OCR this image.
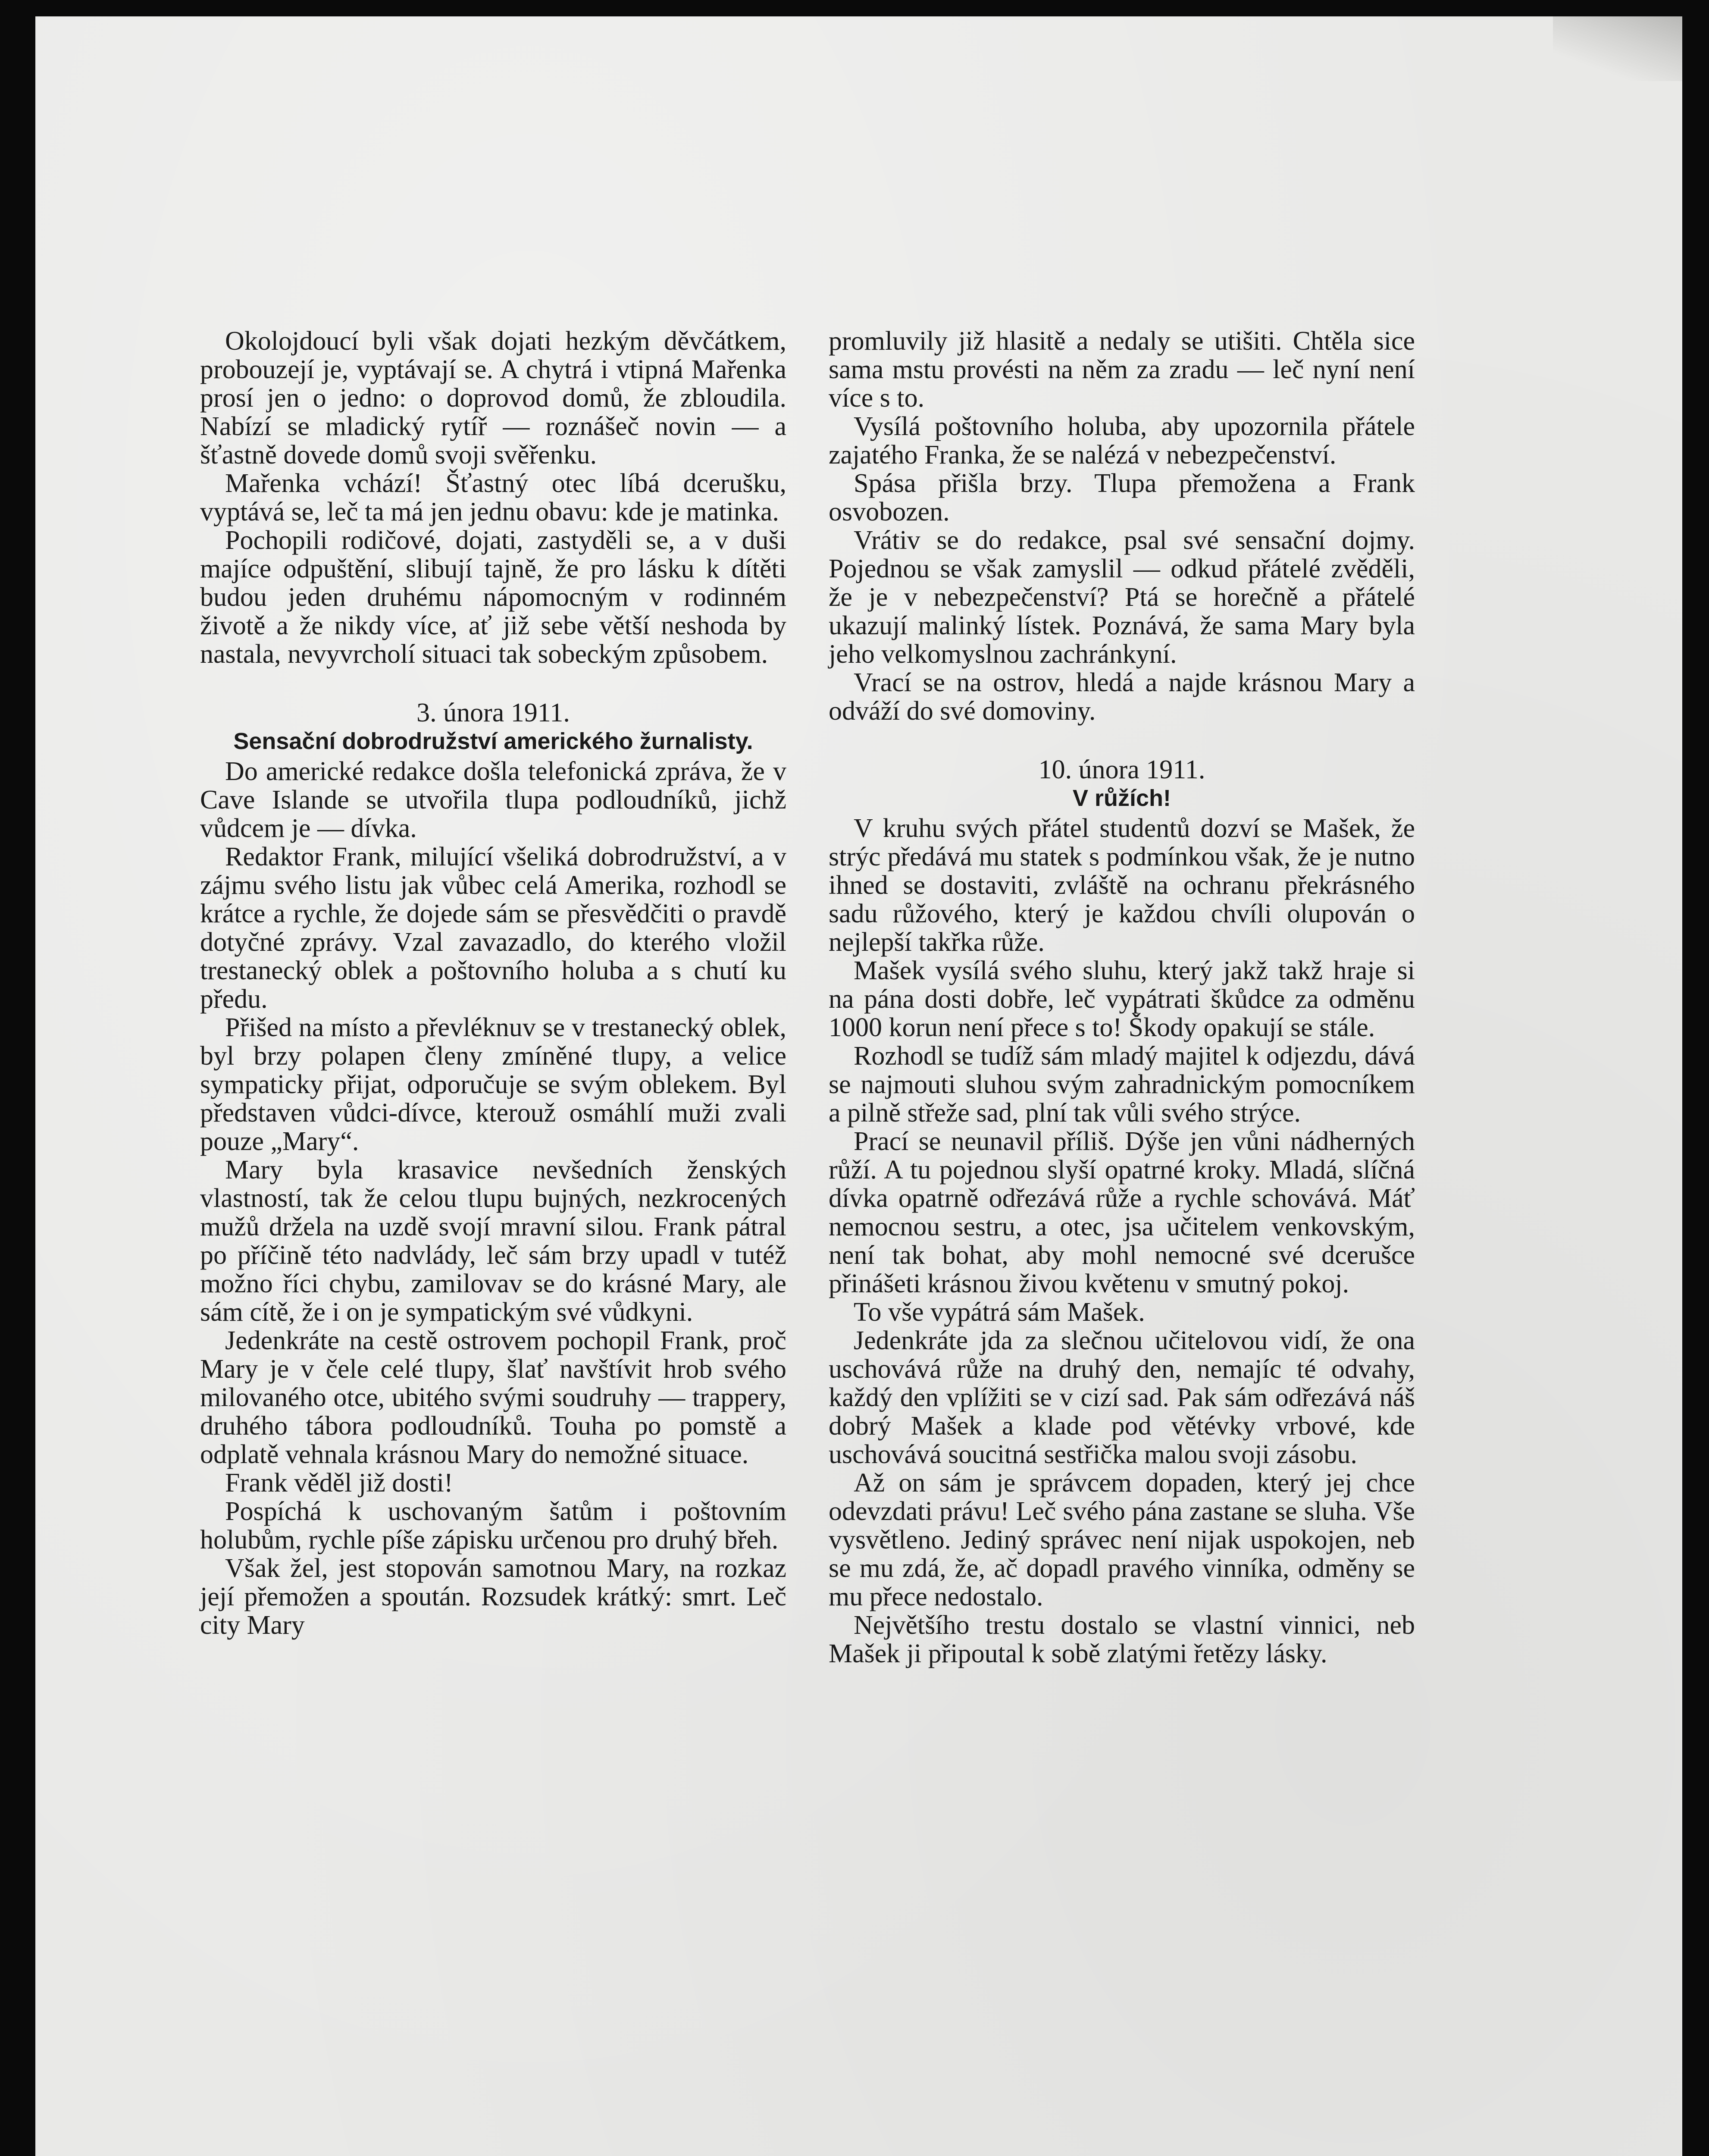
Okolojdoucí byli však dojati hezkým děvčátkem, probouzejí je, vyptávají se. A chytrá i vtipná Mařenka prosí jen o jedno: o doprovod domů, že zbloudila. Nabízí se mladický rytíř — roznášeč novin — a šťastně dovede domů svoji svěřenku.

Mařenka vchází! Šťastný otec líbá dcerušku, vyptává se, leč ta má jen jednu obavu: kde je matinka.

Pochopili rodičové, dojati, zastyděli se, a v duši majíce odpuštění, slibují tajně, že pro lásku k dítěti budou jeden druhému nápomocným v rodinném životě a že nikdy více, ať již sebe větší neshoda by nastala, nevyvrcholí situaci tak sobeckým způsobem.

3. února 1911.

Sensační dobrodružství amerického žurnalisty.

Do americké redakce došla telefonická zpráva, že v Cave Islande se utvořila tlupa podloudníků, jichž vůdcem je — dívka.

Redaktor Frank, milující všeliká dobrodružství, a v zájmu svého listu jak vůbec celá Amerika, rozhodl se krátce a rychle, že dojede sám se přesvědčiti o pravdě dotyčné zprávy. Vzal zavazadlo, do kterého vložil trestanecký oblek a poštovního holuba a s chutí ku předu.

Přišed na místo a převléknuv se v trestanecký oblek, byl brzy polapen členy zmíněné tlupy, a velice sympaticky přijat, odporučuje se svým oblekem. Byl představen vůdci-dívce, kterouž osmáhlí muži zvali pouze „Mary“.

Mary byla krasavice nevšedních ženských vlastností, tak že celou tlupu bujných, nezkrocených mužů držela na uzdě svojí mravní silou. Frank pátral po příčině této nadvlády, leč sám brzy upadl v tutéž možno říci chybu, zamilovav se do krásné Mary, ale sám cítě, že i on je sympatickým své vůdkyni.

Jedenkráte na cestě ostrovem pochopil Frank, proč Mary je v čele celé tlupy, šlať navštívit hrob svého milovaného otce, ubitého svými soudruhy — trappery, druhého tábora podloudníků. Touha po pomstě a odplatě vehnala krásnou Mary do nemožné situace.

Frank věděl již dosti!

Pospíchá k uschovaným šatům i poštovním holubům, rychle píše zápisku určenou pro druhý břeh.

Však žel, jest stopován samotnou Mary, na rozkaz její přemožen a spoután. Rozsudek krátký: smrt. Leč city Mary

promluvily již hlasitě a nedaly se utišiti. Chtěla sice sama mstu provésti na něm za zradu — leč nyní není více s to.

Vysílá poštovního holuba, aby upozornila přátele zajatého Franka, že se nalézá v nebezpečenství.

Spása přišla brzy. Tlupa přemožena a Frank osvobozen.

Vrátiv se do redakce, psal své sensační dojmy. Pojednou se však zamyslil — odkud přátelé zvěděli, že je v nebezpečenství? Ptá se horečně a přátelé ukazují malinký lístek. Poznává, že sama Mary byla jeho velkomyslnou zachránkyní.

Vrací se na ostrov, hledá a najde krásnou Mary a odváží do své domoviny.

10. února 1911.

V růžích!

V kruhu svých přátel studentů dozví se Mašek, že strýc předává mu statek s podmínkou však, že je nutno ihned se dostaviti, zvláště na ochranu překrásného sadu růžového, který je každou chvíli olupován o nejlepší takřka růže.

Mašek vysílá svého sluhu, který jakž takž hraje si na pána dosti dobře, leč vypátrati škůdce za odměnu 1000 korun není přece s to! Škody opakují se stále.

Rozhodl se tudíž sám mladý majitel k odjezdu, dává se najmouti sluhou svým zahradnickým pomocníkem a pilně střeže sad, plní tak vůli svého strýce.

Prací se neunavil příliš. Dýše jen vůni nádherných růží. A tu pojednou slyší opatrné kroky. Mladá, slíčná dívka opatrně odřezává růže a rychle schovává. Máť nemocnou sestru, a otec, jsa učitelem venkovským, není tak bohat, aby mohl nemocné své dcerušce přinášeti krásnou živou květenu v smutný pokoj.

To vše vypátrá sám Mašek.

Jedenkráte jda za slečnou učitelovou vidí, že ona uschovává růže na druhý den, nemajíc té odvahy, každý den vplížiti se v cizí sad. Pak sám odřezává náš dobrý Mašek a klade pod větévky vrbové, kde uschovává soucitná sestřička malou svoji zásobu.

Až on sám je správcem dopaden, který jej chce odevzdati právu! Leč svého pána zastane se sluha. Vše vysvětleno. Jediný správec není nijak uspokojen, neb se mu zdá, že, ač dopadl pravého vinníka, odměny se mu přece nedostalo.

Největšího trestu dostalo se vlastní vinnici, neb Mašek ji připoutal k sobě zlatými řetězy lásky.
